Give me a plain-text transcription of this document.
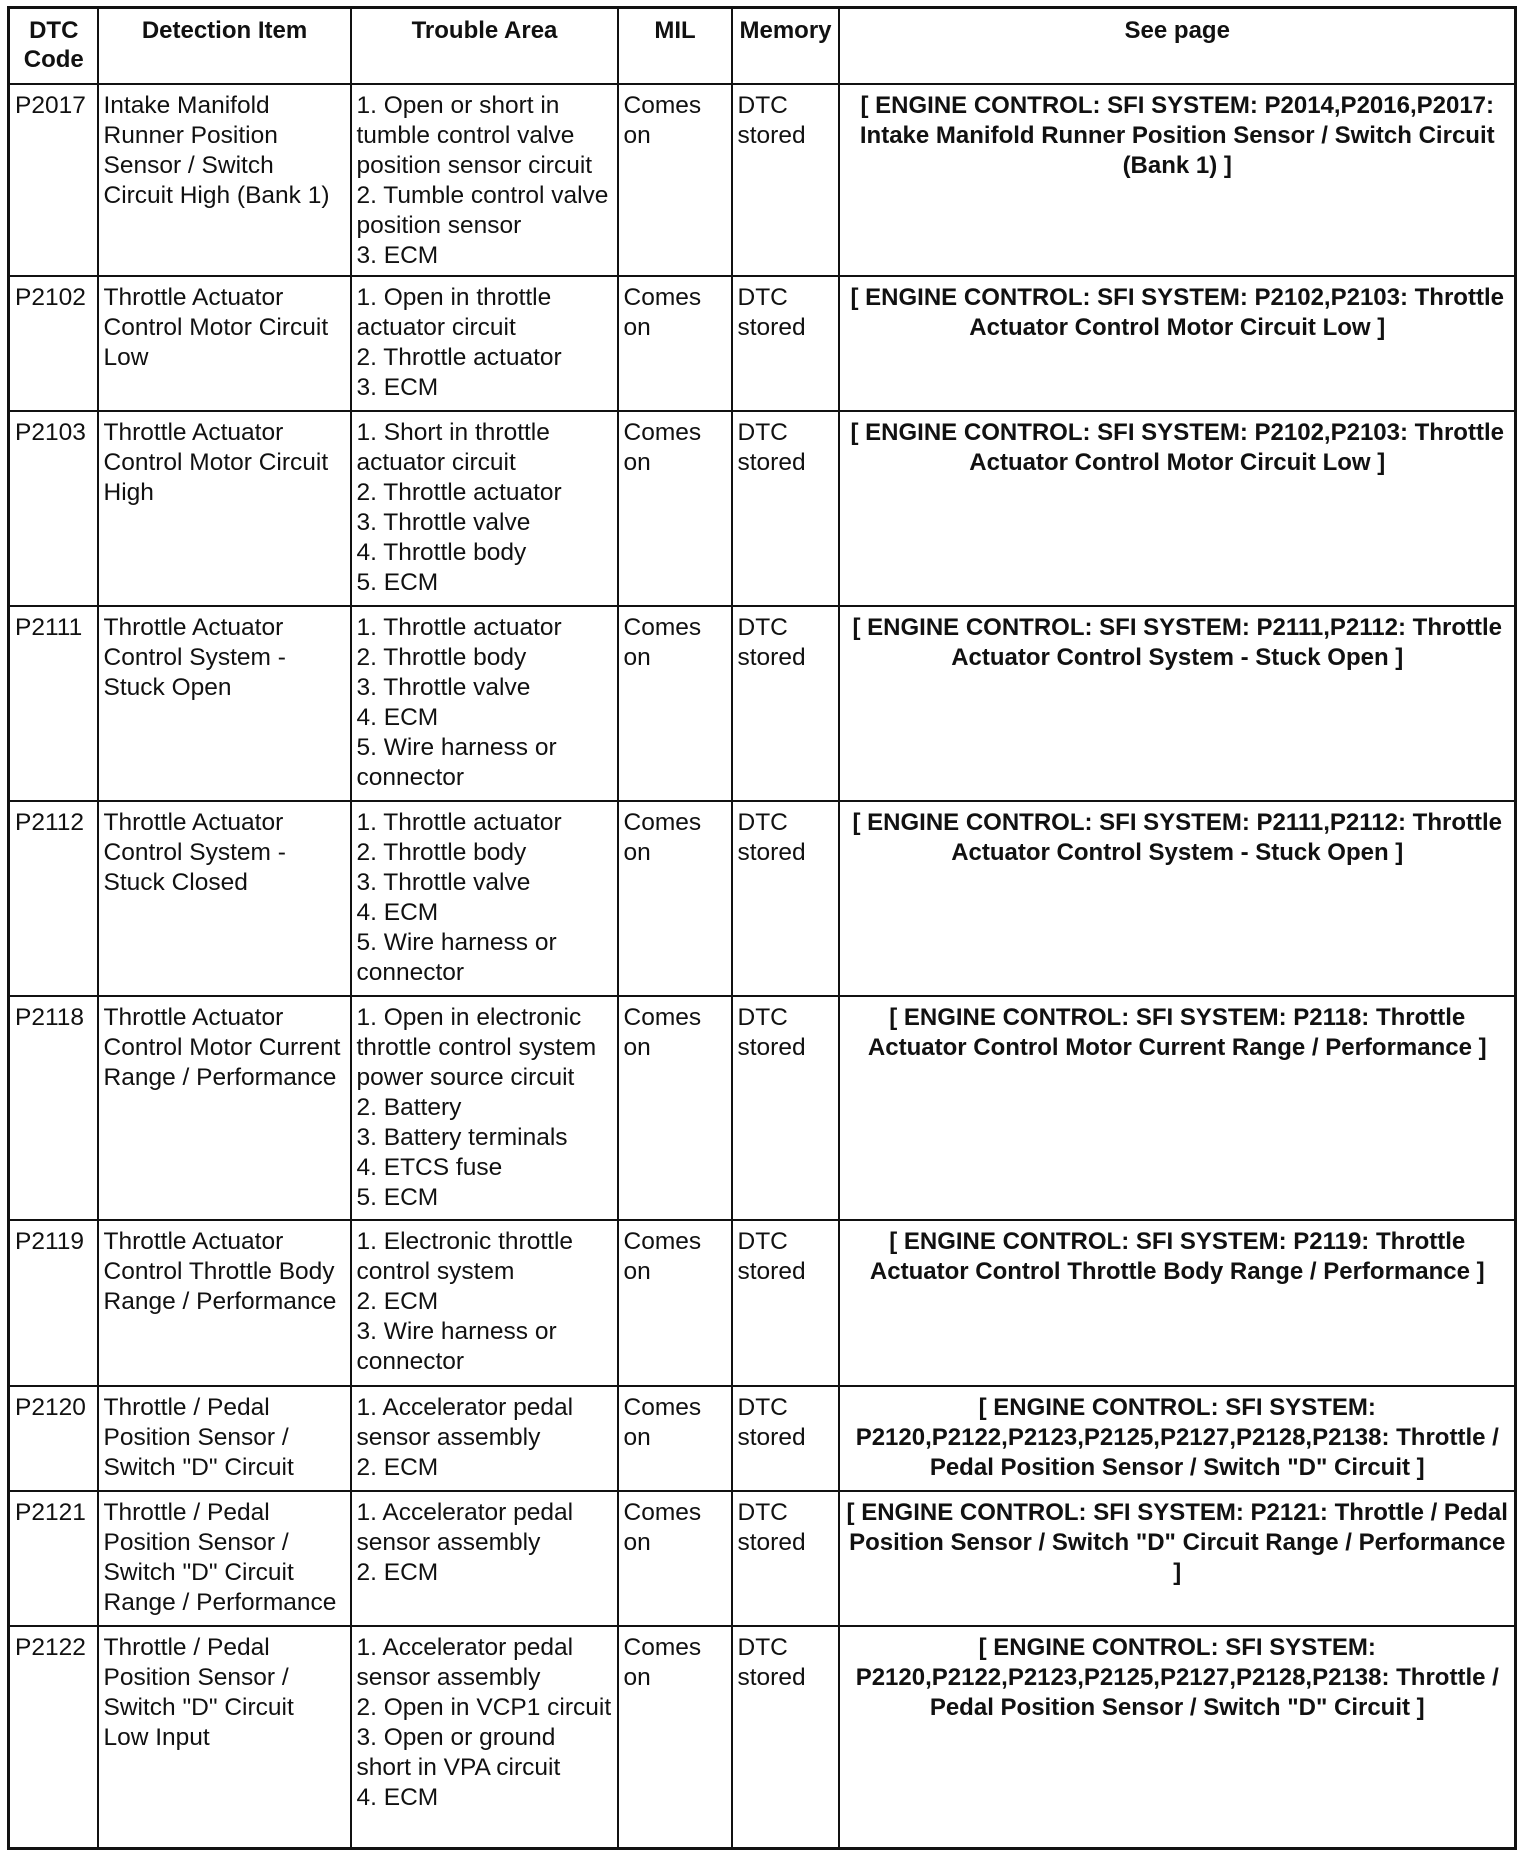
DTC Code	Detection Item	Trouble Area	MIL	Memory	See page
P2017	Intake Manifold Runner Position Sensor / Switch Circuit High (Bank 1)	1. Open or short in tumble control valve position sensor circuit
2. Tumble control valve position sensor
3. ECM	Comes on	DTC stored	[ ENGINE CONTROL: SFI SYSTEM: P2014,P2016,P2017: Intake Manifold Runner Position Sensor / Switch Circuit (Bank 1) ]
P2102	Throttle Actuator Control Motor Circuit Low	1. Open in throttle actuator circuit
2. Throttle actuator
3. ECM	Comes on	DTC stored	[ ENGINE CONTROL: SFI SYSTEM: P2102,P2103: Throttle Actuator Control Motor Circuit Low ]
P2103	Throttle Actuator Control Motor Circuit High	1. Short in throttle actuator circuit
2. Throttle actuator
3. Throttle valve
4. Throttle body
5. ECM	Comes on	DTC stored	[ ENGINE CONTROL: SFI SYSTEM: P2102,P2103: Throttle Actuator Control Motor Circuit Low ]
P2111	Throttle Actuator Control System - Stuck Open	1. Throttle actuator
2. Throttle body
3. Throttle valve
4. ECM
5. Wire harness or connector	Comes on	DTC stored	[ ENGINE CONTROL: SFI SYSTEM: P2111,P2112: Throttle Actuator Control System - Stuck Open ]
P2112	Throttle Actuator Control System - Stuck Closed	1. Throttle actuator
2. Throttle body
3. Throttle valve
4. ECM
5. Wire harness or connector	Comes on	DTC stored	[ ENGINE CONTROL: SFI SYSTEM: P2111,P2112: Throttle Actuator Control System - Stuck Open ]
P2118	Throttle Actuator Control Motor Current Range / Performance	1. Open in electronic throttle control system power source circuit
2. Battery
3. Battery terminals
4. ETCS fuse
5. ECM	Comes on	DTC stored	[ ENGINE CONTROL: SFI SYSTEM: P2118: Throttle Actuator Control Motor Current Range / Performance ]
P2119	Throttle Actuator Control Throttle Body Range / Performance	1. Electronic throttle control system
2. ECM
3. Wire harness or connector	Comes on	DTC stored	[ ENGINE CONTROL: SFI SYSTEM: P2119: Throttle Actuator Control Throttle Body Range / Performance ]
P2120	Throttle / Pedal Position Sensor / Switch "D" Circuit	1. Accelerator pedal sensor assembly
2. ECM	Comes on	DTC stored	[ ENGINE CONTROL: SFI SYSTEM: P2120,P2122,P2123,P2125,P2127,P2128,P2138: Throttle / Pedal Position Sensor / Switch "D" Circuit ]
P2121	Throttle / Pedal Position Sensor / Switch "D" Circuit Range / Performance	1. Accelerator pedal sensor assembly
2. ECM	Comes on	DTC stored	[ ENGINE CONTROL: SFI SYSTEM: P2121: Throttle / Pedal Position Sensor / Switch "D" Circuit Range / Performance ]
P2122	Throttle / Pedal Position Sensor / Switch "D" Circuit Low Input	1. Accelerator pedal sensor assembly
2. Open in VCP1 circuit
3. Open or ground short in VPA circuit
4. ECM	Comes on	DTC stored	[ ENGINE CONTROL: SFI SYSTEM: P2120,P2122,P2123,P2125,P2127,P2128,P2138: Throttle / Pedal Position Sensor / Switch "D" Circuit ]
